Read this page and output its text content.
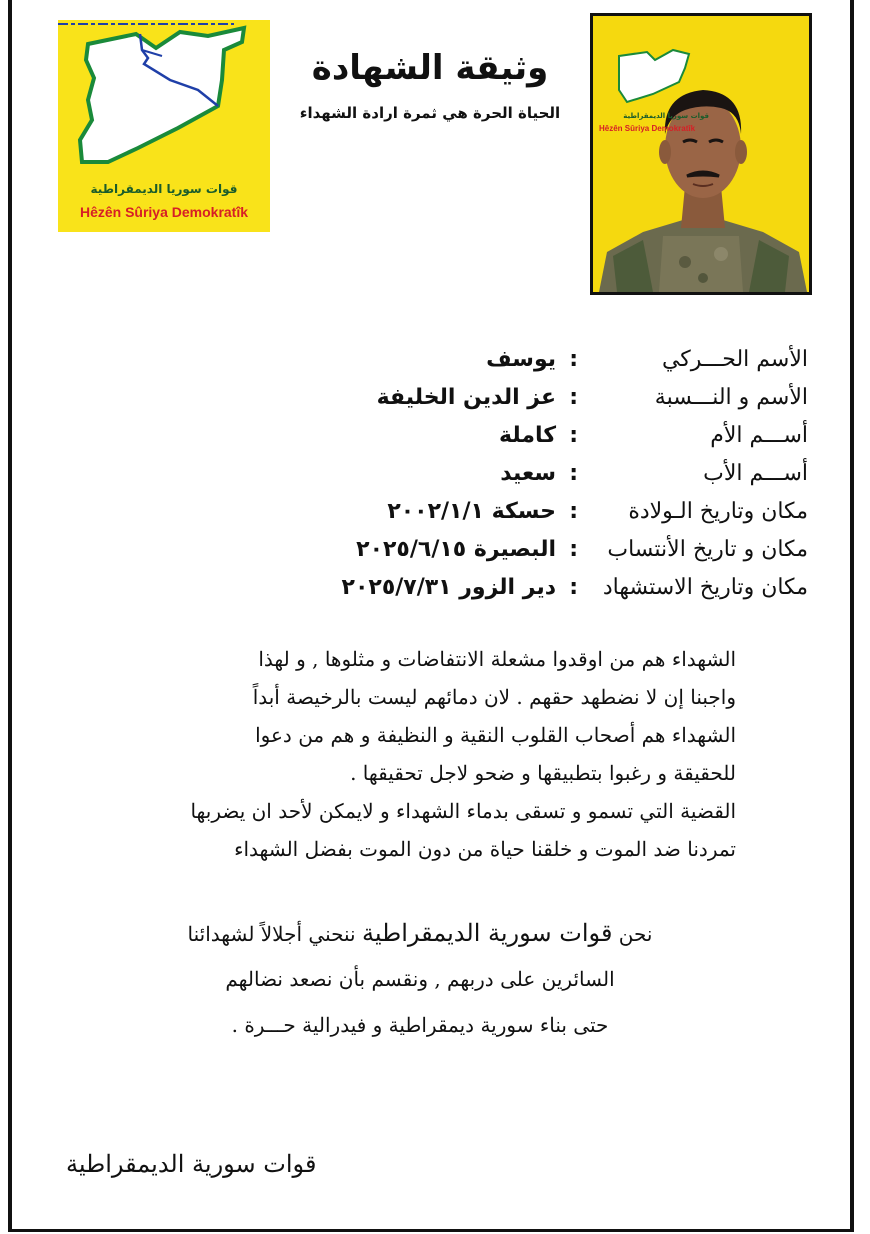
قوات سوريا الديمقراطية
Hêzên Sûriya Demokratîk
وثيقة الشهادة
الحياة الحرة هي ثمرة ارادة الشهداء	قوات سوريا الديمقراطية
Hêzên Sûriya Demokratîk
الأسم الحـــركي
:
يوسف
الأسم و النـــسبة
:
عز الدين الخليفة
أســـم الأم
:
كاملة
أســـم الأب
:
سعيد
مكان وتاريخ الـولادة
:
حسكة ٢٠٠٢/١/١
مكان و تاريخ الأنتساب
:
البصيرة ٢٠٢٥/٦/١٥
مكان وتاريخ الاستشهاد
:
دير الزور ٢٠٢٥/٧/٣١
الشهداء هم من اوقدوا مشعلة الانتفاضات و مثلوها , و لهذا
واجبنا إن لا نضطهد حقهم . لان دمائهم ليست بالرخيصة أبداً
الشهداء هم أصحاب القلوب النقية و النظيفة و هم من دعوا
للحقيقة و رغبوا بتطبيقها و ضحو لاجل تحقيقها .
القضية التي تسمو و تسقى بدماء الشهداء و لايمكن لأحد ان يضربها
تمردنا ضد الموت و خلقنا حياة من دون الموت بفضل الشهداء
نحن قوات سورية الديمقراطية ننحني أجلالاً لشهدائنا
السائرين على دربهم , ونقسم بأن نصعد نضالهم
حتى بناء سورية ديمقراطية و فيدرالية حـــرة .
قوات سورية الديمقراطية
